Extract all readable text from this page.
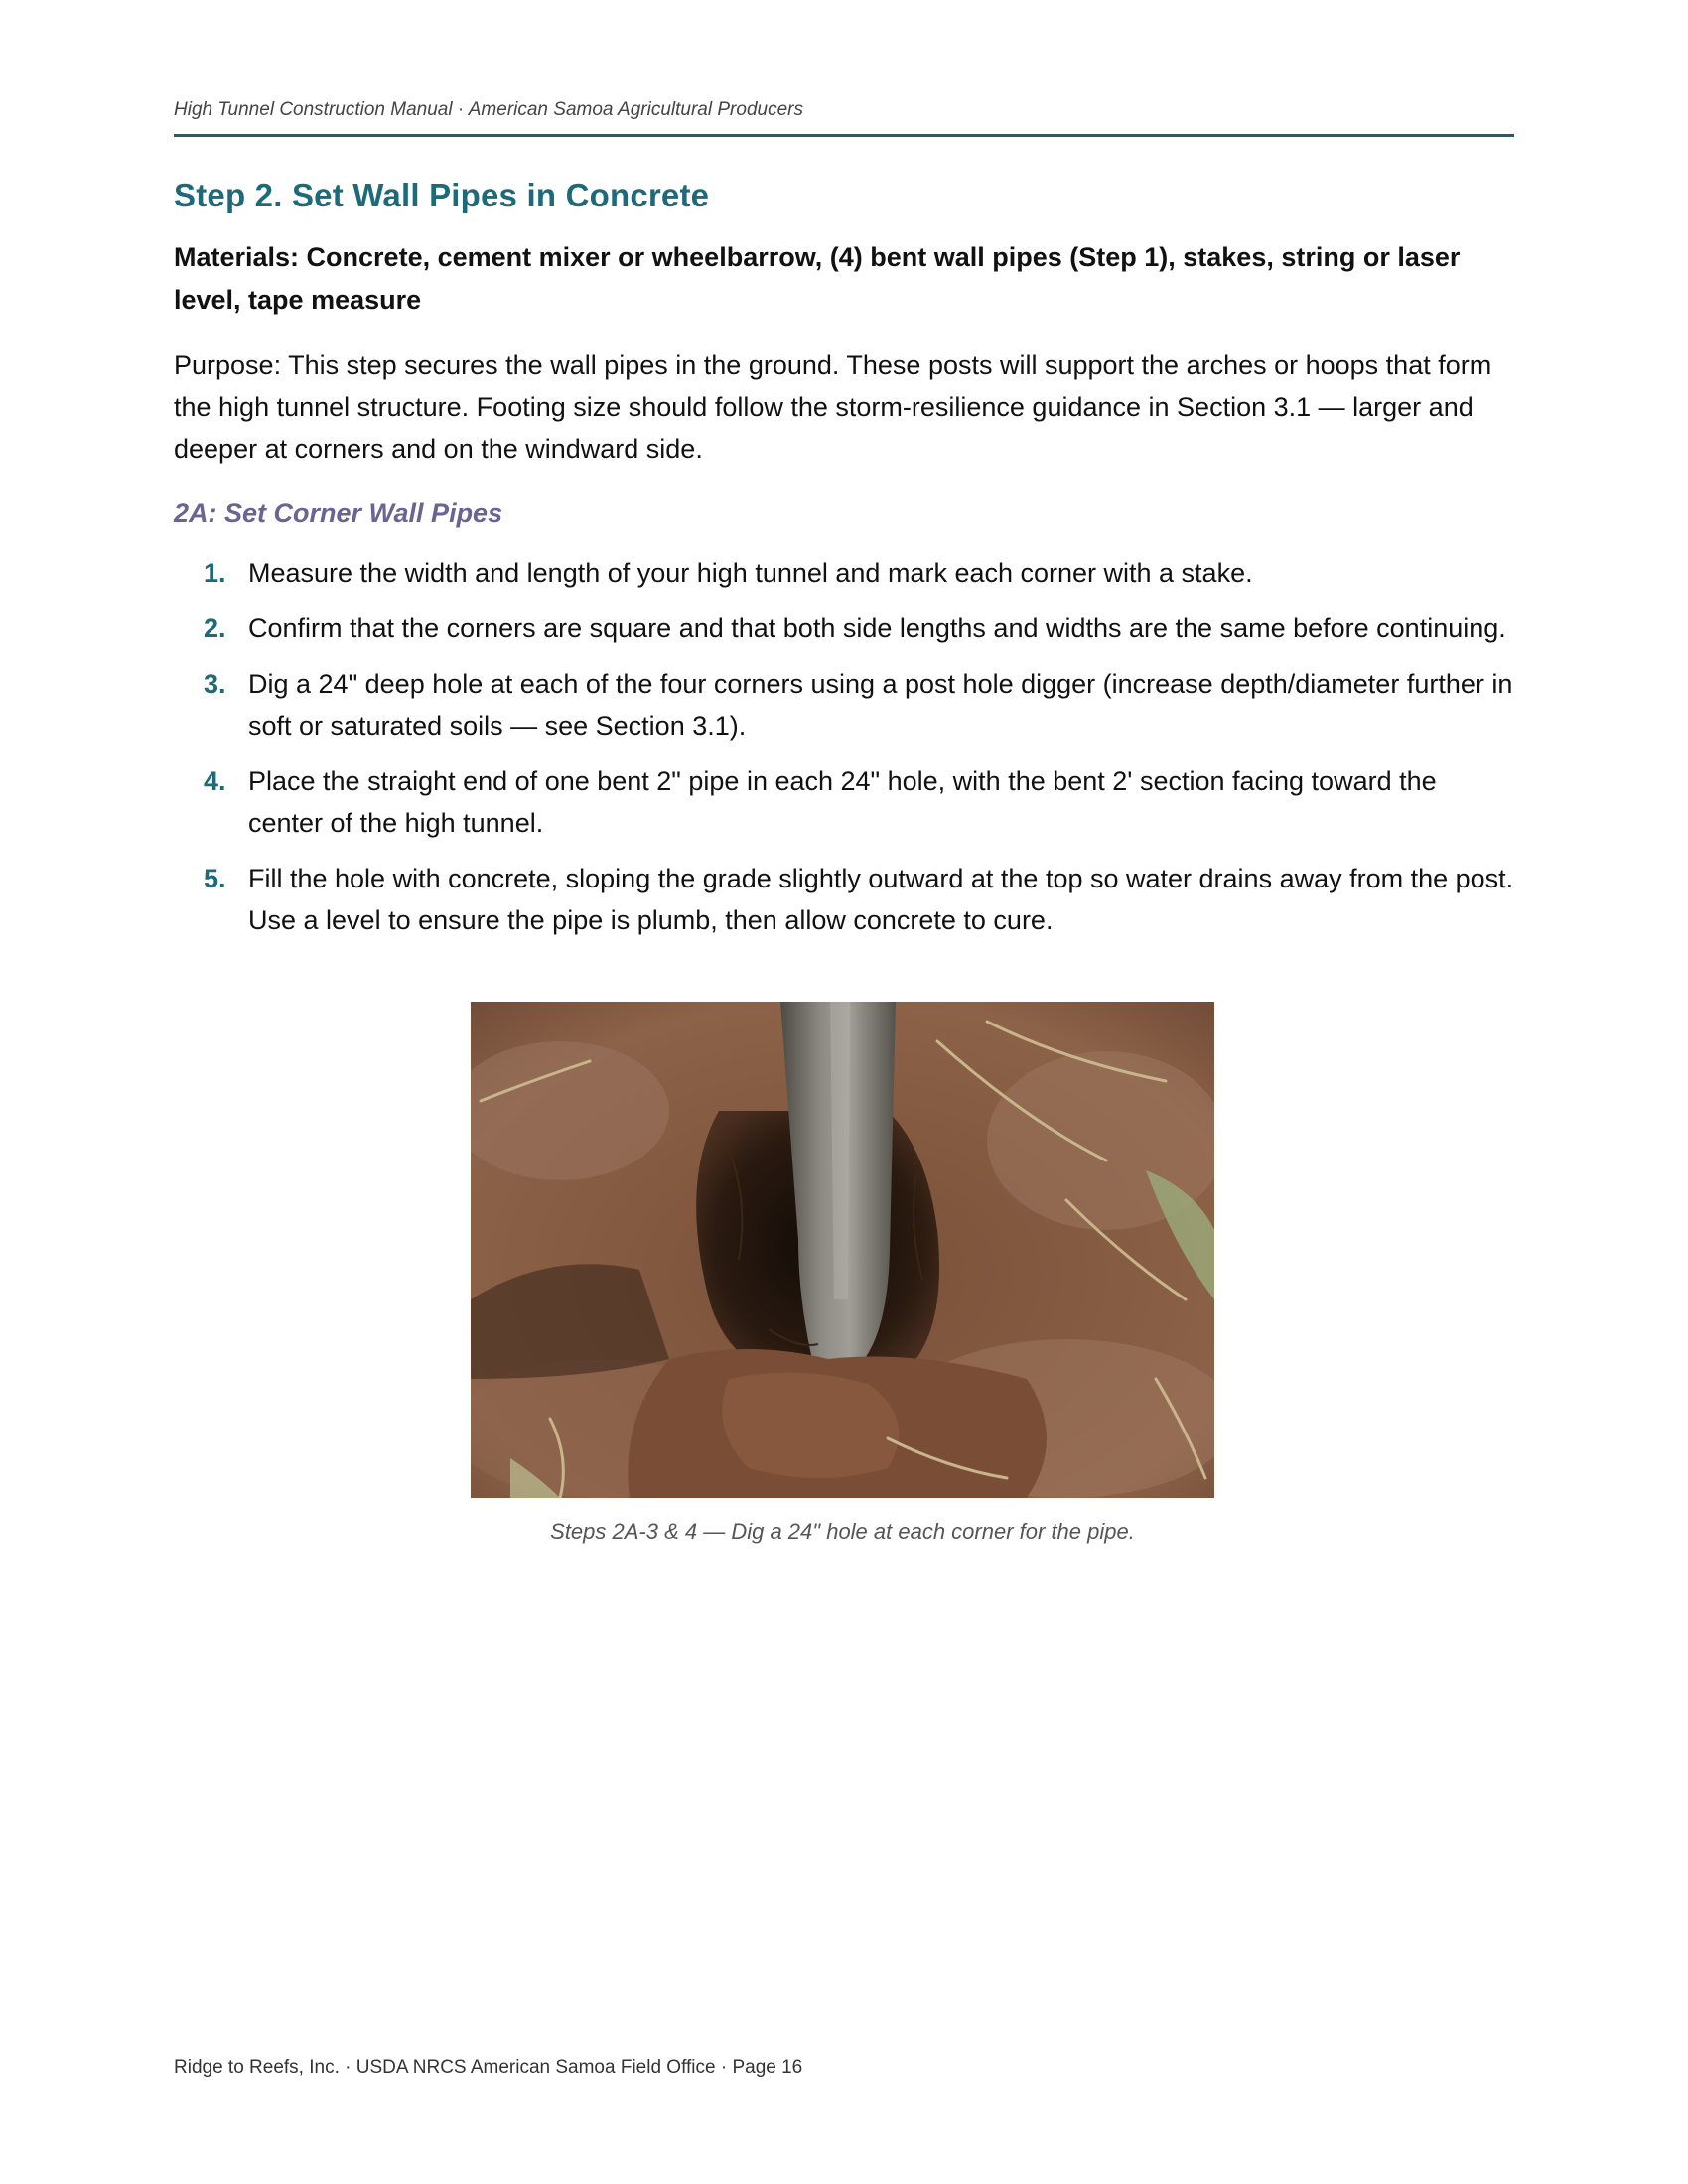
High Tunnel Construction Manual · American Samoa Agricultural Producers
Step 2. Set Wall Pipes in Concrete

Materials: Concrete, cement mixer or wheelbarrow, (4) bent wall pipes (Step 1), stakes, string or laser level, tape measure

Purpose: This step secures the wall pipes in the ground. These posts will support the arches or hoops that form the high tunnel structure. Footing size should follow the storm-resilience guidance in Section 3.1 — larger and deeper at corners and on the windward side.

2A: Set Corner Wall Pipes
1. Measure the width and length of your high tunnel and mark each corner with a stake.
2. Confirm that the corners are square and that both side lengths and widths are the same before continuing.
3. Dig a 24" deep hole at each of the four corners using a post hole digger (increase depth/diameter further in soft or saturated soils — see Section 3.1).
4. Place the straight end of one bent 2" pipe in each 24" hole, with the bent 2' section facing toward the center of the high tunnel.
5. Fill the hole with concrete, sloping the grade slightly outward at the top so water drains away from the post. Use a level to ensure the pipe is plumb, then allow concrete to cure.
Steps 2A-3 & 4 — Dig a 24" hole at each corner for the pipe.
Ridge to Reefs, Inc. · USDA NRCS American Samoa Field Office · Page 16
